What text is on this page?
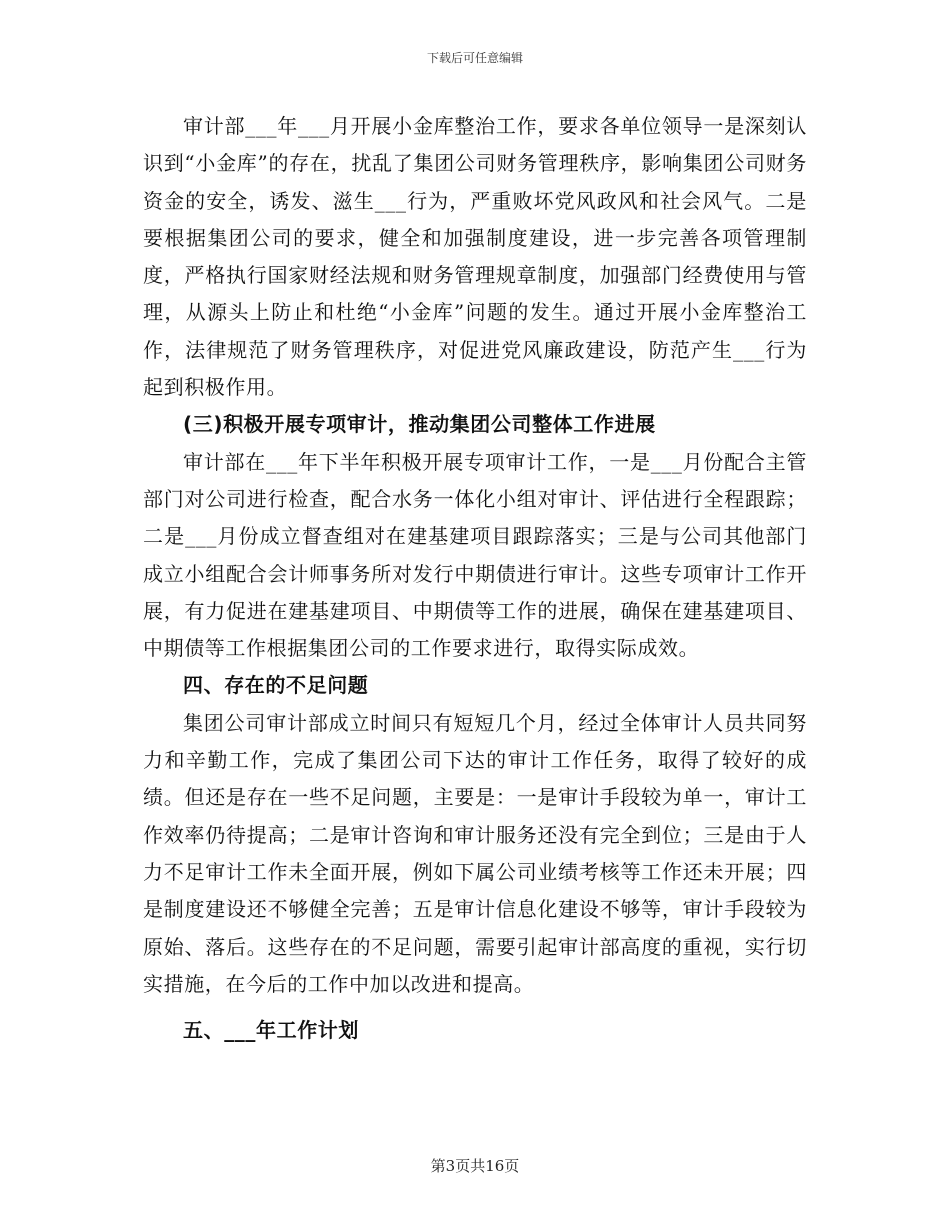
下载后可任意编辑

审计部___年___月开展小金库整治工作，要求各单位领导一是深刻认识到“小金库”的存在，扰乱了集团公司财务管理秩序，影响集团公司财务资金的安全，诱发、滋生___行为，严重败坏党风政风和社会风气。二是要根据集团公司的要求，健全和加强制度建设，进一步完善各项管理制度，严格执行国家财经法规和财务管理规章制度，加强部门经费使用与管理，从源头上防止和杜绝“小金库”问题的发生。通过开展小金库整治工作，法律规范了财务管理秩序，对促进党风廉政建设，防范产生___行为起到积极作用。

(三)积极开展专项审计，推动集团公司整体工作进展

审计部在___年下半年积极开展专项审计工作，一是___月份配合主管部门对公司进行检查，配合水务一体化小组对审计、评估进行全程跟踪；二是___月份成立督查组对在建基建项目跟踪落实；三是与公司其他部门成立小组配合会计师事务所对发行中期债进行审计。这些专项审计工作开展，有力促进在建基建项目、中期债等工作的进展，确保在建基建项目、中期债等工作根据集团公司的工作要求进行，取得实际成效。

四、存在的不足问题

集团公司审计部成立时间只有短短几个月，经过全体审计人员共同努力和辛勤工作，完成了集团公司下达的审计工作任务，取得了较好的成绩。但还是存在一些不足问题，主要是：一是审计手段较为单一，审计工作效率仍待提高；二是审计咨询和审计服务还没有完全到位；三是由于人力不足审计工作未全面开展，例如下属公司业绩考核等工作还未开展；四是制度建设还不够健全完善；五是审计信息化建设不够等，审计手段较为原始、落后。这些存在的不足问题，需要引起审计部高度的重视，实行切实措施，在今后的工作中加以改进和提高。

五、___年工作计划

第3页共16页
